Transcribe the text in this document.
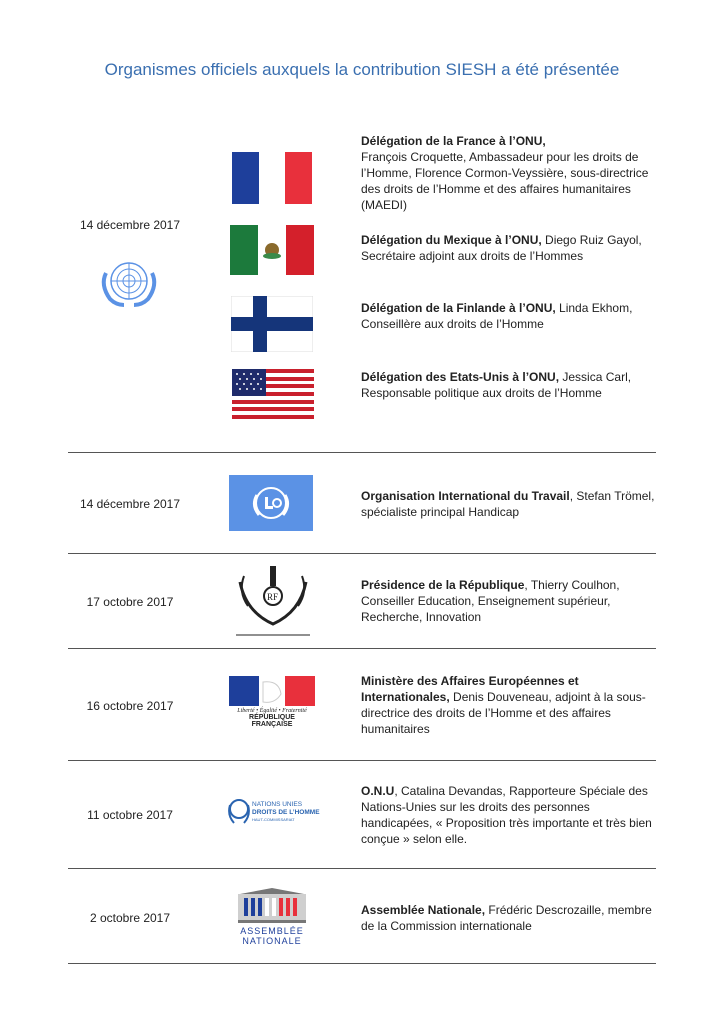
Organismes officiels auxquels la contribution SIESH a été présentée
14 décembre 2017
Délégation de la France à l’ONU,
François Croquette, Ambassadeur pour les droits de l’Homme, Florence Cormon-Veyssière, sous-directrice des droits de l’Homme et des affaires humanitaires (MAEDI)
Délégation du Mexique à l’ONU, Diego Ruiz Gayol, Secrétaire adjoint aux droits de l’Hommes
Délégation de la Finlande à l’ONU, Linda Ekhom, Conseillère aux droits de l’Homme
Délégation des Etats-Unis à l’ONU, Jessica Carl, Responsable politique aux droits de l’Homme
14 décembre 2017
Organisation International du Travail, Stefan Trömel, spécialiste principal Handicap
17 octobre 2017	RF
Présidence de la République, Thierry Coulhon, Conseiller Education, Enseignement supérieur, Recherche, Innovation
16 octobre 2017	Liberté • Égalité • Fraternité
RÉPUBLIQUE FRANÇAISE
Ministère des Affaires Européennes et Internationales, Denis Douveneau, adjoint à la sous-directrice des droits de l’Homme et des affaires humanitaires
11 octobre 2017
NATIONS UNIES
DROITS DE L’HOMME
HAUT-COMMISSARIAT
O.N.U, Catalina Devandas, Rapporteure Spéciale des Nations-Unies sur les droits des personnes handicapées, « Proposition très importante et très bien conçue » selon elle.
2 octobre 2017
ASSEMBLÉE
NATIONALE
Assemblée Nationale, Frédéric Descrozaille, membre de la Commission internationale
